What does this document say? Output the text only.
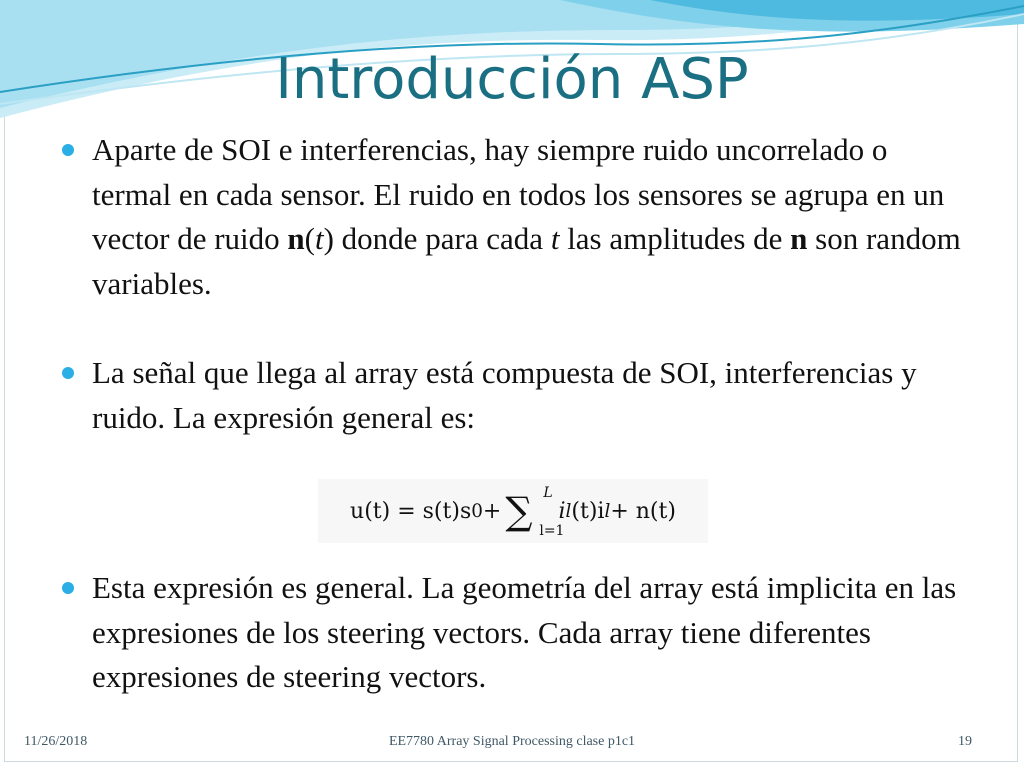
Introducción ASP
Aparte de SOI e interferencias, hay siempre ruido uncorrelado o termal en cada sensor. El ruido en todos los sensores se agrupa en un vector de ruido n(t) donde para cada t las amplitudes de n son random variables.
La señal que llega al array está compuesta de SOI, interferencias y ruido. La expresión general es:
Esta expresión es general. La geometría del array está implicita en las expresiones de los steering vectors. Cada array tiene diferentes expresiones de steering vectors.
u(t) = s(t)s 0 + ∑ L
l=1
i l (t)i l + n(t)
11/26/2018	EE7780 Array Signal Processing clase p1c1	19
